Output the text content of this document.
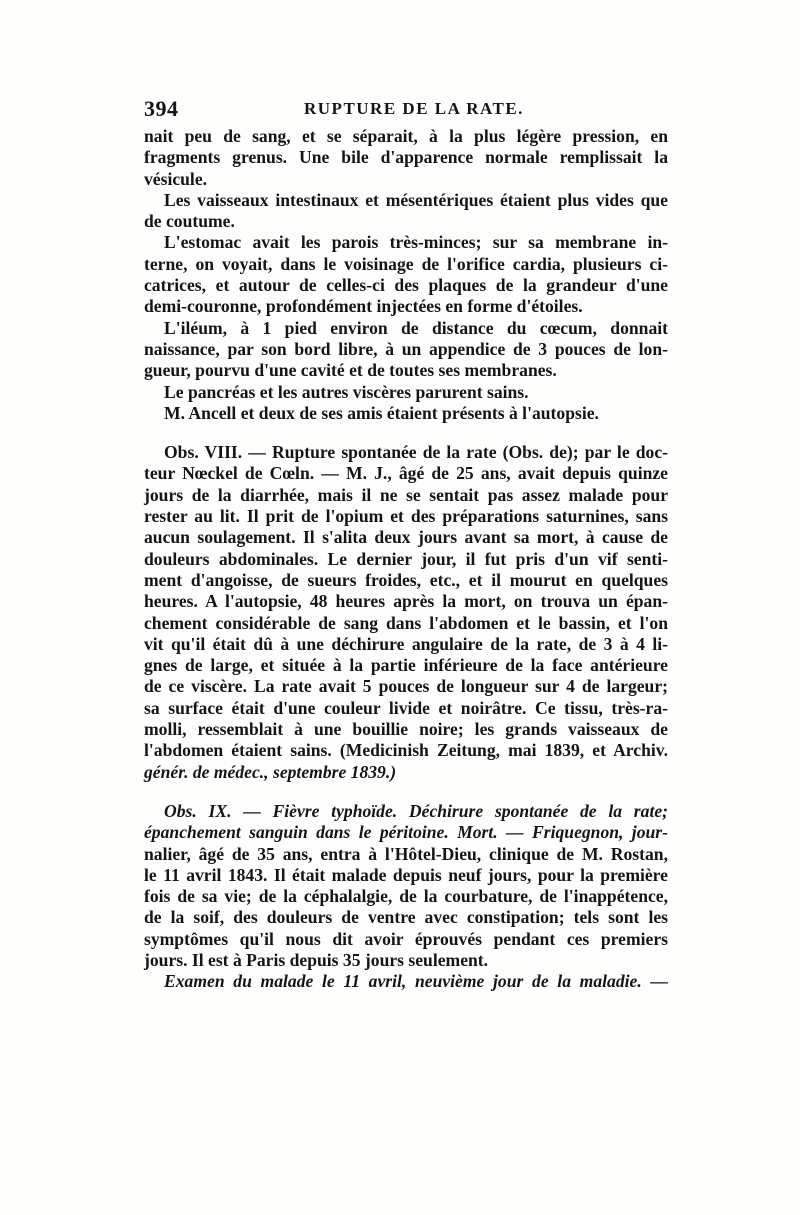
394	RUPTURE DE LA RATE.
nait peu de sang, et se séparait, à la plus légère pression, en
fragments grenus. Une bile d'apparence normale remplissait la
vésicule.
Les vaisseaux intestinaux et mésentériques étaient plus vides que
de coutume.
L'estomac avait les parois très-minces; sur sa membrane in-
terne, on voyait, dans le voisinage de l'orifice cardia, plusieurs ci-
catrices, et autour de celles-ci des plaques de la grandeur d'une
demi-couronne, profondément injectées en forme d'étoiles.
L'iléum, à 1 pied environ de distance du cœcum, donnait
naissance, par son bord libre, à un appendice de 3 pouces de lon-
gueur, pourvu d'une cavité et de toutes ses membranes.
Le pancréas et les autres viscères parurent sains.
M. Ancell et deux de ses amis étaient présents à l'autopsie.
Obs. VIII. — Rupture spontanée de la rate (Obs. de); par le doc-
teur Nœckel de Cœln. — M. J., âgé de 25 ans, avait depuis quinze
jours de la diarrhée, mais il ne se sentait pas assez malade pour
rester au lit. Il prit de l'opium et des préparations saturnines, sans
aucun soulagement. Il s'alita deux jours avant sa mort, à cause de
douleurs abdominales. Le dernier jour, il fut pris d'un vif senti-
ment d'angoisse, de sueurs froides, etc., et il mourut en quelques
heures. A l'autopsie, 48 heures après la mort, on trouva un épan-
chement considérable de sang dans l'abdomen et le bassin, et l'on
vit qu'il était dû à une déchirure angulaire de la rate, de 3 à 4 li-
gnes de large, et située à la partie inférieure de la face antérieure
de ce viscère. La rate avait 5 pouces de longueur sur 4 de largeur;
sa surface était d'une couleur livide et noirâtre. Ce tissu, très-ra-
molli, ressemblait à une bouillie noire; les grands vaisseaux de
l'abdomen étaient sains. (Medicinish Zeitung, mai 1839, et Archiv.
génér. de médec., septembre 1839.)
Obs. IX. — Fièvre typhoïde. Déchirure spontanée de la rate;
épanchement sanguin dans le péritoine. Mort. — Friquegnon, jour-
nalier, âgé de 35 ans, entra à l'Hôtel-Dieu, clinique de M. Rostan,
le 11 avril 1843. Il était malade depuis neuf jours, pour la première
fois de sa vie; de la céphalalgie, de la courbature, de l'inappétence,
de la soif, des douleurs de ventre avec constipation; tels sont les
symptômes qu'il nous dit avoir éprouvés pendant ces premiers
jours. Il est à Paris depuis 35 jours seulement.
Examen du malade le 11 avril, neuvième jour de la maladie. —
